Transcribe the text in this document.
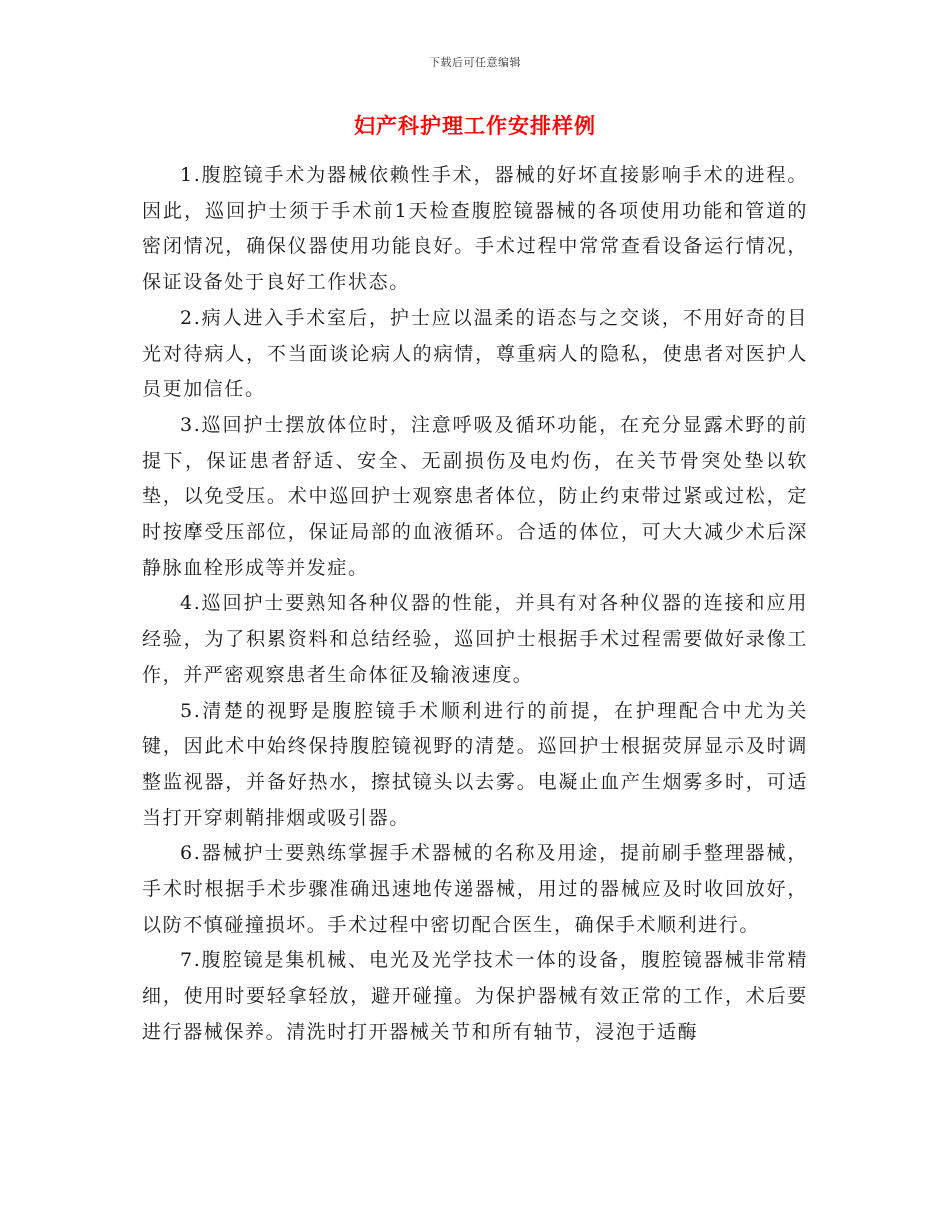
下载后可任意编辑
妇产科护理工作安排样例

1.腹腔镜手术为器械依赖性手术，器械的好坏直接影响手术的进程。因此，巡回护士须于手术前1天检查腹腔镜器械的各项使用功能和管道的密闭情况，确保仪器使用功能良好。手术过程中常常查看设备运行情况，保证设备处于良好工作状态。

2.病人进入手术室后，护士应以温柔的语态与之交谈，不用好奇的目光对待病人，不当面谈论病人的病情，尊重病人的隐私，使患者对医护人员更加信任。

3.巡回护士摆放体位时，注意呼吸及循环功能，在充分显露术野的前提下，保证患者舒适、安全、无副损伤及电灼伤，在关节骨突处垫以软垫，以免受压。术中巡回护士观察患者体位，防止约束带过紧或过松，定时按摩受压部位，保证局部的血液循环。合适的体位，可大大减少术后深静脉血栓形成等并发症。

4.巡回护士要熟知各种仪器的性能，并具有对各种仪器的连接和应用经验，为了积累资料和总结经验，巡回护士根据手术过程需要做好录像工作，并严密观察患者生命体征及输液速度。

5.清楚的视野是腹腔镜手术顺利进行的前提，在护理配合中尤为关键，因此术中始终保持腹腔镜视野的清楚。巡回护士根据荧屏显示及时调整监视器，并备好热水，擦拭镜头以去雾。电凝止血产生烟雾多时，可适当打开穿刺鞘排烟或吸引器。

6.器械护士要熟练掌握手术器械的名称及用途，提前刷手整理器械，手术时根据手术步骤准确迅速地传递器械，用过的器械应及时收回放好，以防不慎碰撞损坏。手术过程中密切配合医生，确保手术顺利进行。

7.腹腔镜是集机械、电光及光学技术一体的设备，腹腔镜器械非常精细，使用时要轻拿轻放，避开碰撞。为保护器械有效正常的工作，术后要进行器械保养。清洗时打开器械关节和所有轴节，浸泡于适酶
